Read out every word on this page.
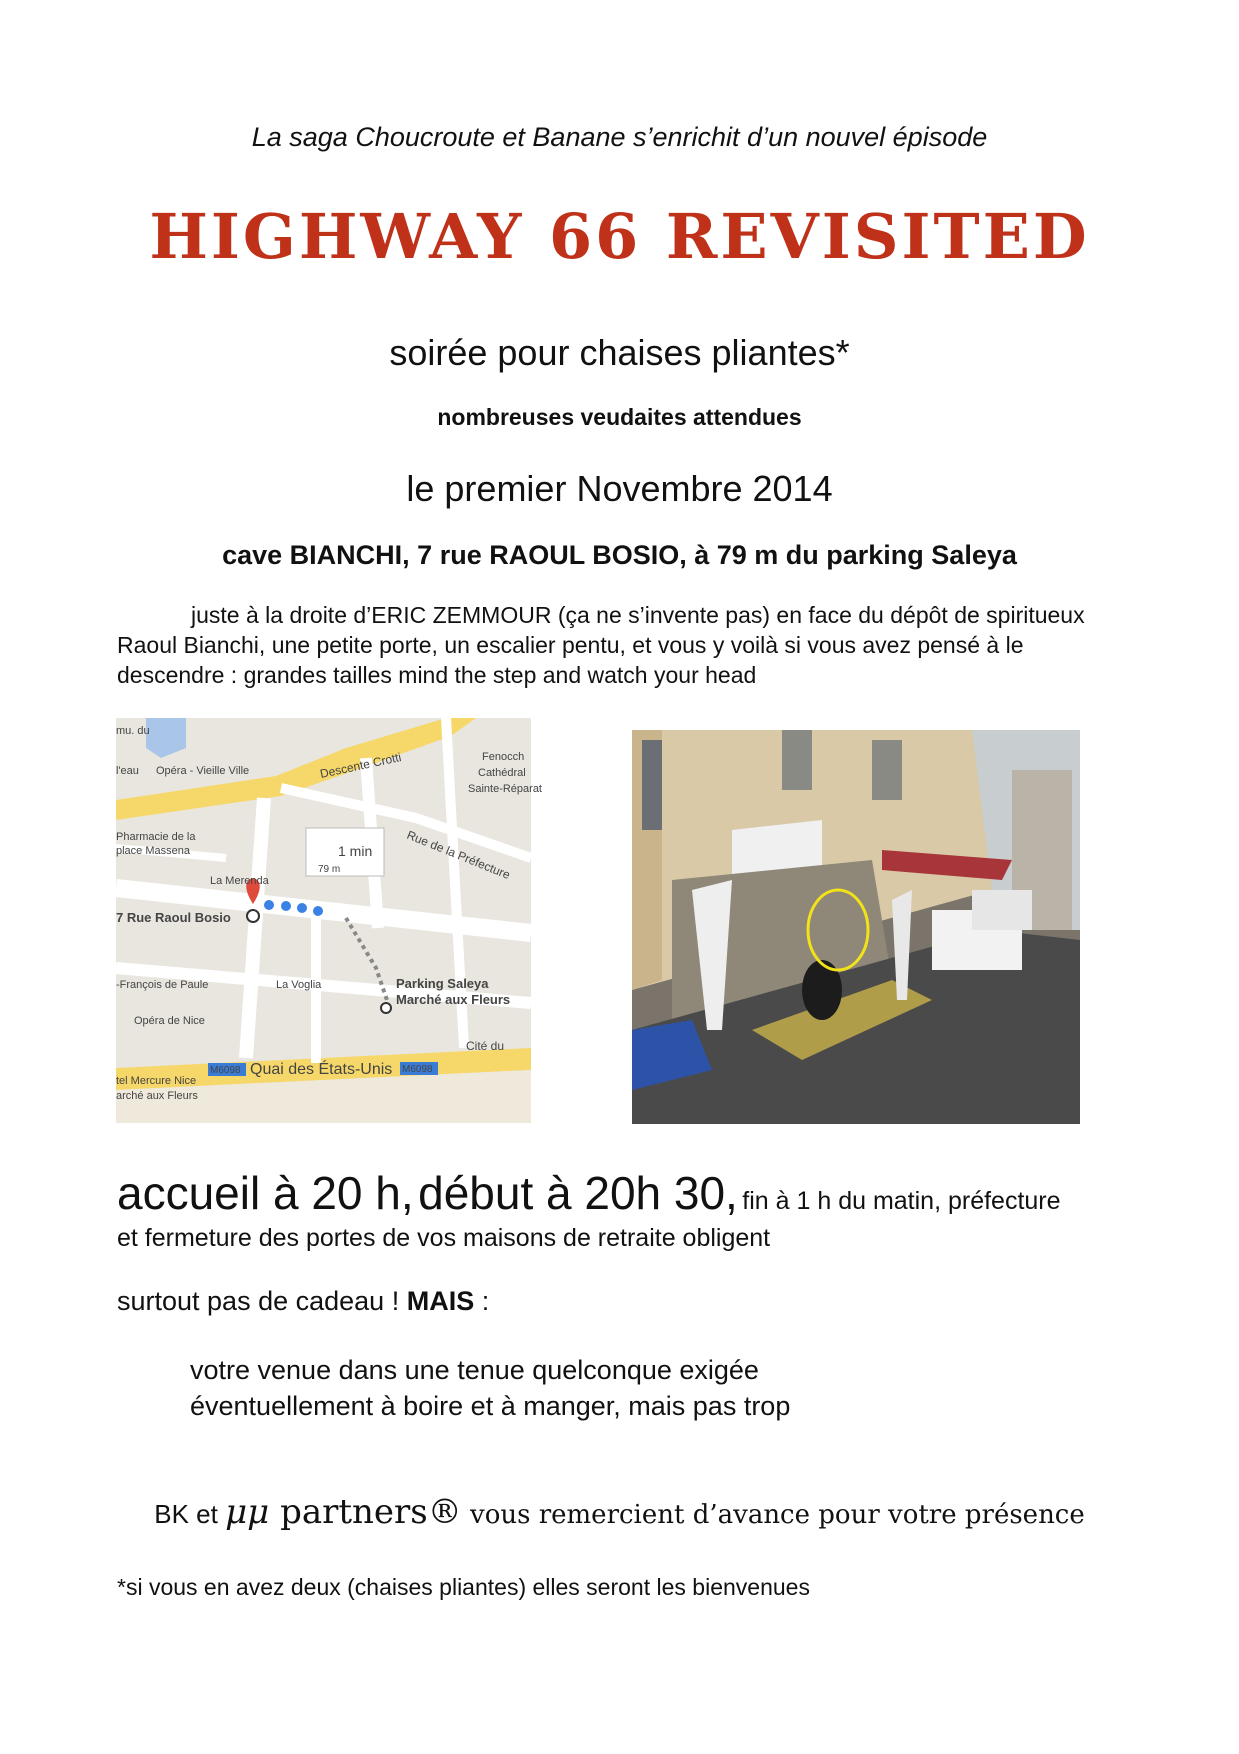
La saga Choucroute et Banane s’enrichit d’un nouvel épisode
HIGHWAY 66 REVISITED
soirée pour chaises pliantes*
nombreuses veudaites attendues
le premier Novembre 2014
cave BIANCHI, 7 rue RAOUL BOSIO, à 79 m du parking Saleya
juste à la droite d’ERIC ZEMMOUR (ça ne s’invente pas) en face du dépôt de spiritueux Raoul Bianchi, une petite porte, un escalier pentu, et vous y voilà si vous avez pensé à le descendre : grandes tailles mind the step and watch your head
mu. du
l'eau Opéra - Vieille Ville	Descente Crotti	Fenocch
Cathédral
Sainte-Réparat
Pharmacie de la
place Massena	Rue de la Préfecture
La Merenda
1 min
79 m
7 Rue Raoul Bosio
-François de Paule	La Voglia	Parking Saleya
Marché aux Fleurs
Opéra de Nice
Cité du
M6098 Quai des États-Unis M6098
tel Mercure Nice
arché aux Fleurs
accueil à 20 h, début à 20h 30, fin à 1 h du matin, préfecture
et fermeture des portes de vos maisons de retraite obligent
surtout pas de cadeau ! MAIS :
votre venue dans une tenue quelconque exigée
éventuellement à boire et à manger, mais pas trop
BK et μμ partners® vous remercient d’avance pour votre présence
*si vous en avez deux (chaises pliantes) elles seront les bienvenues
